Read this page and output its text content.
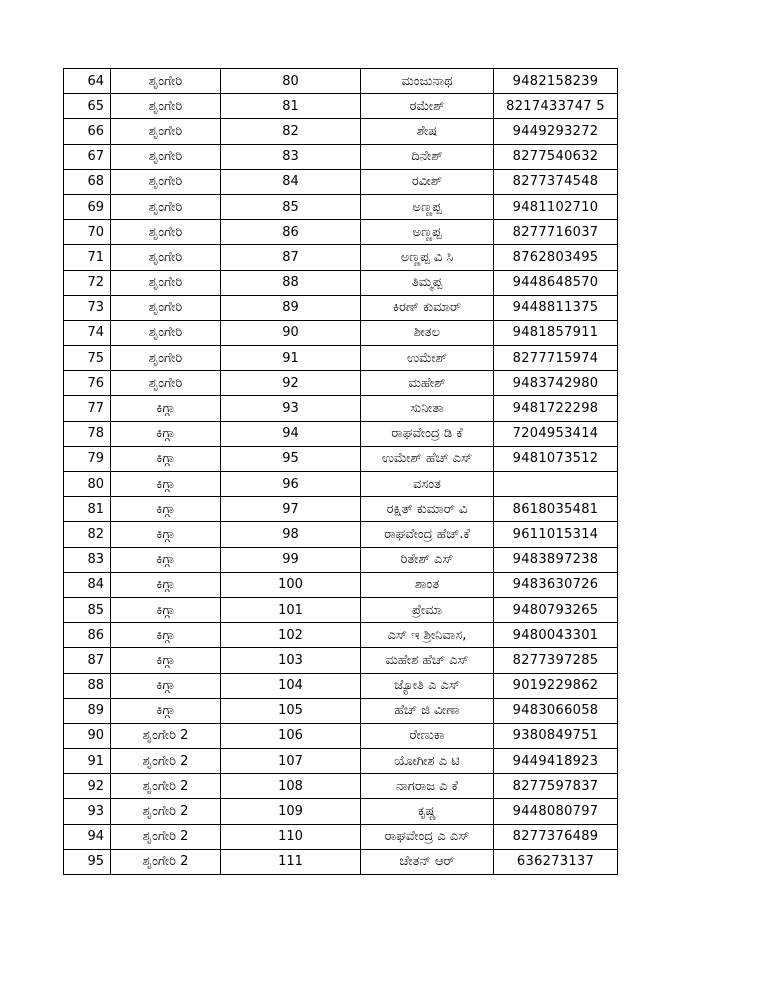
64	ಶೃಂಗೇರಿ	80	ಮಂಜುನಾಥ	9482158239
65	ಶೃಂಗೇರಿ	81	ರಮೇಶ್	8217433747 5
66	ಶೃಂಗೇರಿ	82	ಶೇಷ	9449293272
67	ಶೃಂಗೇರಿ	83	ದಿನೇಶ್	8277540632
68	ಶೃಂಗೇರಿ	84	ರವೀಶ್	8277374548
69	ಶೃಂಗೇರಿ	85	ಅಣ್ಣಪ್ಪ	9481102710
70	ಶೃಂಗೇರಿ	86	ಅಣ್ಣಪ್ಪ	8277716037
71	ಶೃಂಗೇರಿ	87	ಅಣ್ಣಪ್ಪ ವಿ ಸಿ	8762803495
72	ಶೃಂಗೇರಿ	88	ತಿಮ್ಮಪ್ಪ	9448648570
73	ಶೃಂಗೇರಿ	89	ಕಿರಣ್ ಕುಮಾರ್	9448811375
74	ಶೃಂಗೇರಿ	90	ಶೀತಲ	9481857911
75	ಶೃಂಗೇರಿ	91	ಉಮೇಶ್	8277715974
76	ಶೃಂಗೇರಿ	92	ಮಹೇಶ್	9483742980
77	ಕಿಗ್ಗಾ	93	ಸುನೀತಾ	9481722298
78	ಕಿಗ್ಗಾ	94	ರಾಘವೇಂದ್ರ ಡಿ ಕೆ	7204953414
79	ಕಿಗ್ಗಾ	95	ಉಮೇಶ್ ಹೆಚ್ ಎಸ್	9481073512
80	ಕಿಗ್ಗಾ	96	ವಸಂತ	
81	ಕಿಗ್ಗಾ	97	ರಕ್ಷಿತ್ ಕುಮಾರ್ ವಿ	8618035481
82	ಕಿಗ್ಗಾ	98	ರಾಘವೇಂದ್ರ ಹೆಚ್.ಕೆ	9611015314
83	ಕಿಗ್ಗಾ	99	ರಿತೇಶ್ ಎಸ್	9483897238
84	ಕಿಗ್ಗಾ	100	ಶಾಂತ	9483630726
85	ಕಿಗ್ಗಾ	101	ಪ್ರೇಮಾ	9480793265
86	ಕಿಗ್ಗಾ	102	ಎಸ್ ಇ ಶ್ರೀನಿವಾಸ,	9480043301
87	ಕಿಗ್ಗಾ	103	ಮಹೇಶ ಹೆಚ್ ಎಸ್	8277397285
88	ಕಿಗ್ಗಾ	104	ಜ್ಯೋತಿ ಎ ಎಸ್	9019229862
89	ಕಿಗ್ಗಾ	105	ಹೆಚ್ ಜಿ ವೀಣಾ	9483066058
90	ಶೃಂಗೇರಿ 2	106	ರೇಣುಕಾ	9380849751
91	ಶೃಂಗೇರಿ 2	107	ಯೋಗೀಶ ಎ ಟಿ	9449418923
92	ಶೃಂಗೇರಿ 2	108	ನಾಗರಾಜ ಎ ಕೆ	8277597837
93	ಶೃಂಗೇರಿ 2	109	ಕೃಷ್ಣ	9448080797
94	ಶೃಂಗೇರಿ 2	110	ರಾಘವೇಂದ್ರ ಎ ಎಸ್	8277376489
95	ಶೃಂಗೇರಿ 2	111	ಚೇತನ್ ಆರ್	636273137
